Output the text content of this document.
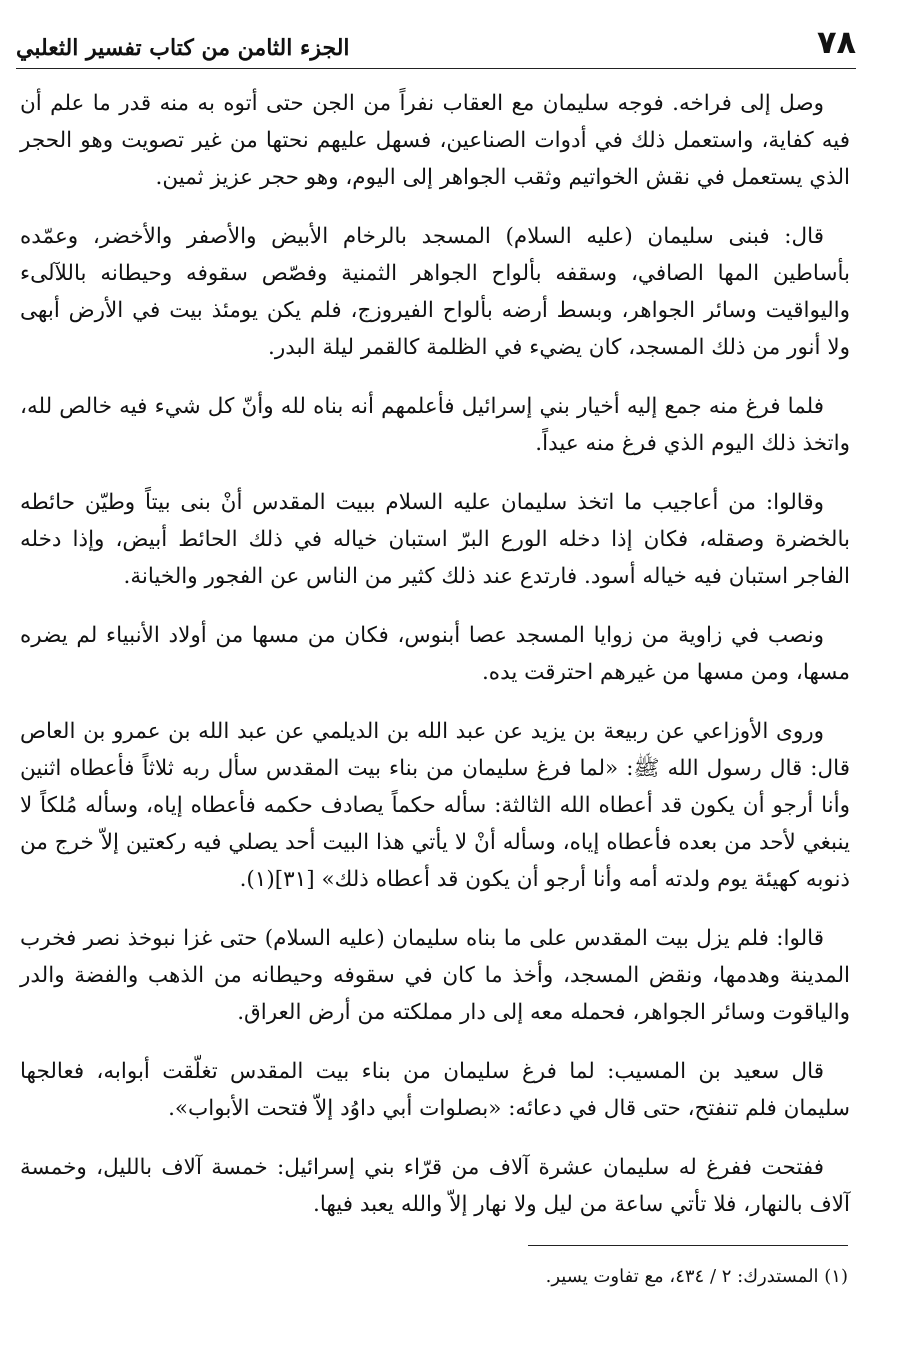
٧٨
الجزء الثامن من كتاب تفسير الثعلبي

وصل إلى فراخه. فوجه سليمان مع العقاب نفراً من الجن حتى أتوه به منه قدر ما علم أن فيه كفاية، واستعمل ذلك في أدوات الصناعين، فسهل عليهم نحتها من غير تصويت وهو الحجر الذي يستعمل في نقش الخواتيم وثقب الجواهر إلى اليوم، وهو حجر عزيز ثمين.

قال: فبنى سليمان (عليه السلام) المسجد بالرخام الأبيض والأصفر والأخضر، وعمّده بأساطين المها الصافي، وسقفه بألواح الجواهر الثمنية وفصّص سقوفه وحيطانه باللآلىء واليواقيت وسائر الجواهر، وبسط أرضه بألواح الفيروزج، فلم يكن يومئذ بيت في الأرض أبهى ولا أنور من ذلك المسجد، كان يضيء في الظلمة كالقمر ليلة البدر.

فلما فرغ منه جمع إليه أخيار بني إسرائيل فأعلمهم أنه بناه لله وأنّ كل شيء فيه خالص لله، واتخذ ذلك اليوم الذي فرغ منه عيداً.

وقالوا: من أعاجيب ما اتخذ سليمان عليه السلام ببيت المقدس أنْ بنى بيتاً وطيّن حائطه بالخضرة وصقله، فكان إذا دخله الورع البرّ استبان خياله في ذلك الحائط أبيض، وإذا دخله الفاجر استبان فيه خياله أسود. فارتدع عند ذلك كثير من الناس عن الفجور والخيانة.

ونصب في زاوية من زوايا المسجد عصا أبنوس، فكان من مسها من أولاد الأنبياء لم يضره مسها، ومن مسها من غيرهم احترقت يده.

وروى الأوزاعي عن ربيعة بن يزيد عن عبد الله بن الديلمي عن عبد الله بن عمرو بن العاص قال: قال رسول الله ﷺ: «لما فرغ سليمان من بناء بيت المقدس سأل ربه ثلاثاً فأعطاه اثنين وأنا أرجو أن يكون قد أعطاه الله الثالثة: سأله حكماً يصادف حكمه فأعطاه إياه، وسأله مُلكاً لا ينبغي لأحد من بعده فأعطاه إياه، وسأله أنْ لا يأتي هذا البيت أحد يصلي فيه ركعتين إلاّ خرج من ذنوبه كهيئة يوم ولدته أمه وأنا أرجو أن يكون قد أعطاه ذلك» [٣١](١).

قالوا: فلم يزل بيت المقدس على ما بناه سليمان (عليه السلام) حتى غزا نبوخذ نصر فخرب المدينة وهدمها، ونقض المسجد، وأخذ ما كان في سقوفه وحيطانه من الذهب والفضة والدر والياقوت وسائر الجواهر، فحمله معه إلى دار مملكته من أرض العراق.

قال سعيد بن المسيب: لما فرغ سليمان من بناء بيت المقدس تغلّقت أبوابه، فعالجها سليمان فلم تنفتح، حتى قال في دعائه: «بصلوات أبي داوُد إلاّ فتحت الأبواب».

ففتحت ففرغ له سليمان عشرة آلاف من قرّاء بني إسرائيل: خمسة آلاف بالليل، وخمسة آلاف بالنهار، فلا تأتي ساعة من ليل ولا نهار إلاّ والله يعبد فيها.

(١) المستدرك: ٢ / ٤٣٤، مع تفاوت يسير.
